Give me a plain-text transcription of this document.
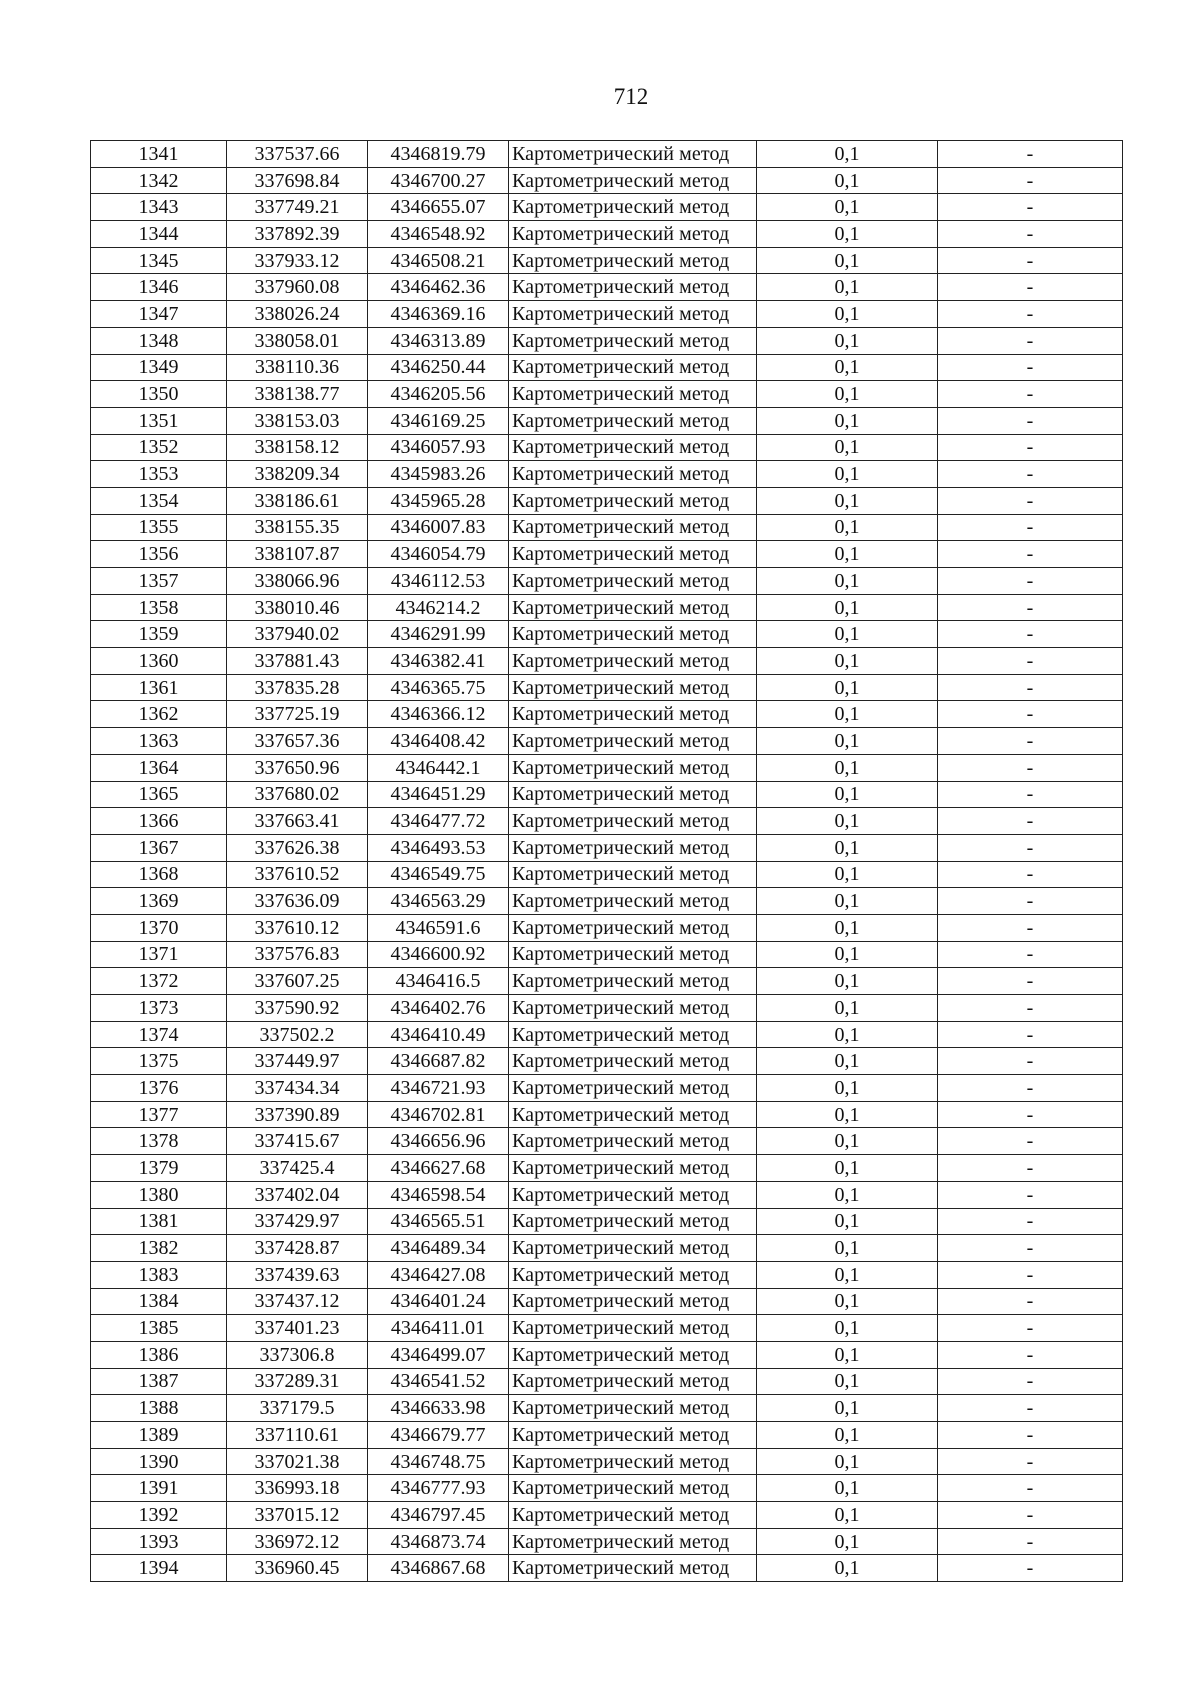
712
1341	337537.66	4346819.79	Картометрический метод	0,1	-
1342	337698.84	4346700.27	Картометрический метод	0,1	-
1343	337749.21	4346655.07	Картометрический метод	0,1	-
1344	337892.39	4346548.92	Картометрический метод	0,1	-
1345	337933.12	4346508.21	Картометрический метод	0,1	-
1346	337960.08	4346462.36	Картометрический метод	0,1	-
1347	338026.24	4346369.16	Картометрический метод	0,1	-
1348	338058.01	4346313.89	Картометрический метод	0,1	-
1349	338110.36	4346250.44	Картометрический метод	0,1	-
1350	338138.77	4346205.56	Картометрический метод	0,1	-
1351	338153.03	4346169.25	Картометрический метод	0,1	-
1352	338158.12	4346057.93	Картометрический метод	0,1	-
1353	338209.34	4345983.26	Картометрический метод	0,1	-
1354	338186.61	4345965.28	Картометрический метод	0,1	-
1355	338155.35	4346007.83	Картометрический метод	0,1	-
1356	338107.87	4346054.79	Картометрический метод	0,1	-
1357	338066.96	4346112.53	Картометрический метод	0,1	-
1358	338010.46	4346214.2	Картометрический метод	0,1	-
1359	337940.02	4346291.99	Картометрический метод	0,1	-
1360	337881.43	4346382.41	Картометрический метод	0,1	-
1361	337835.28	4346365.75	Картометрический метод	0,1	-
1362	337725.19	4346366.12	Картометрический метод	0,1	-
1363	337657.36	4346408.42	Картометрический метод	0,1	-
1364	337650.96	4346442.1	Картометрический метод	0,1	-
1365	337680.02	4346451.29	Картометрический метод	0,1	-
1366	337663.41	4346477.72	Картометрический метод	0,1	-
1367	337626.38	4346493.53	Картометрический метод	0,1	-
1368	337610.52	4346549.75	Картометрический метод	0,1	-
1369	337636.09	4346563.29	Картометрический метод	0,1	-
1370	337610.12	4346591.6	Картометрический метод	0,1	-
1371	337576.83	4346600.92	Картометрический метод	0,1	-
1372	337607.25	4346416.5	Картометрический метод	0,1	-
1373	337590.92	4346402.76	Картометрический метод	0,1	-
1374	337502.2	4346410.49	Картометрический метод	0,1	-
1375	337449.97	4346687.82	Картометрический метод	0,1	-
1376	337434.34	4346721.93	Картометрический метод	0,1	-
1377	337390.89	4346702.81	Картометрический метод	0,1	-
1378	337415.67	4346656.96	Картометрический метод	0,1	-
1379	337425.4	4346627.68	Картометрический метод	0,1	-
1380	337402.04	4346598.54	Картометрический метод	0,1	-
1381	337429.97	4346565.51	Картометрический метод	0,1	-
1382	337428.87	4346489.34	Картометрический метод	0,1	-
1383	337439.63	4346427.08	Картометрический метод	0,1	-
1384	337437.12	4346401.24	Картометрический метод	0,1	-
1385	337401.23	4346411.01	Картометрический метод	0,1	-
1386	337306.8	4346499.07	Картометрический метод	0,1	-
1387	337289.31	4346541.52	Картометрический метод	0,1	-
1388	337179.5	4346633.98	Картометрический метод	0,1	-
1389	337110.61	4346679.77	Картометрический метод	0,1	-
1390	337021.38	4346748.75	Картометрический метод	0,1	-
1391	336993.18	4346777.93	Картометрический метод	0,1	-
1392	337015.12	4346797.45	Картометрический метод	0,1	-
1393	336972.12	4346873.74	Картометрический метод	0,1	-
1394	336960.45	4346867.68	Картометрический метод	0,1	-
